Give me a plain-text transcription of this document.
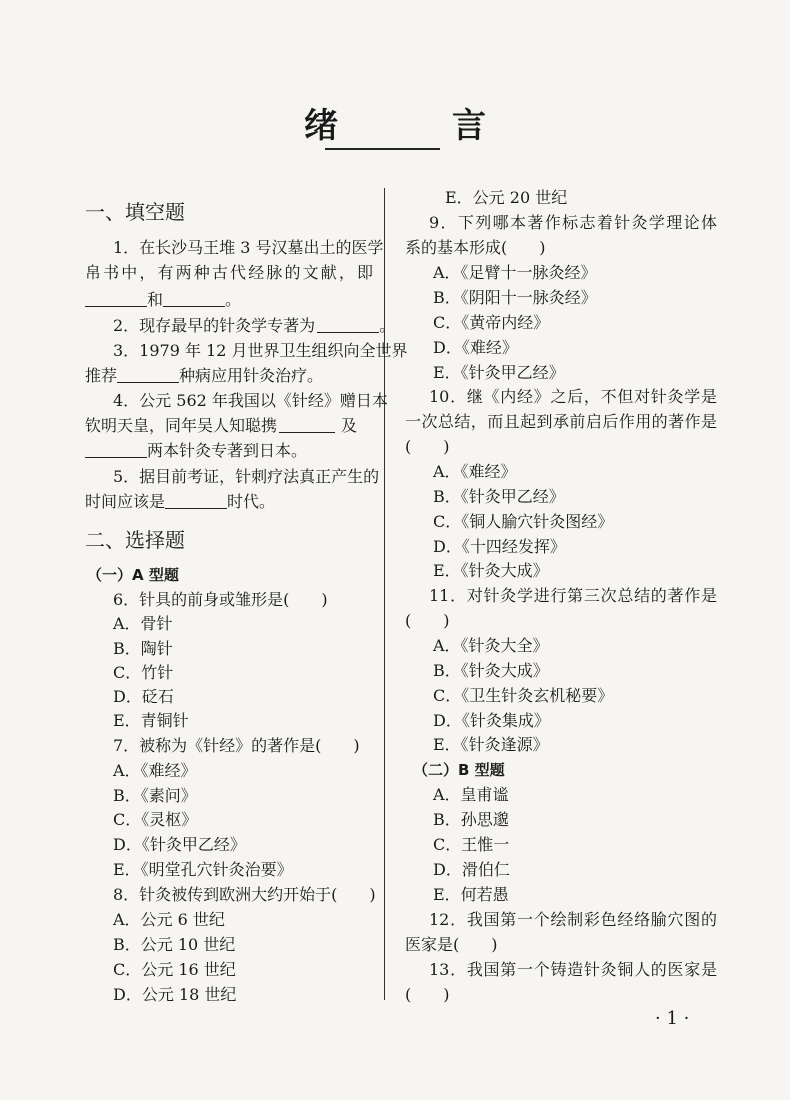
绪　言
一、填空题
1．在长沙马王堆 3 号汉墓出土的医学
帛书中，有两种古代经脉的文献，即
和	。
2．现存最早的针灸学专著为	。
3．1979 年 12 月世界卫生组织向全世界
推荐	种病应用针灸治疗。
4．公元 562 年我国以《针经》赠日本
钦明天皇，同年吴人知聪携	及
两本针灸专著到日本。
5．据目前考证，针刺疗法真正产生的
时间应该是	时代。
二、选择题
（一）A 型题
6．针具的前身或雏形是(　　)
A．骨针
B．陶针
C．竹针
D．砭石
E．青铜针
7．被称为《针经》的著作是(　　)
A．《难经》
B．《素问》
C．《灵枢》
D．《针灸甲乙经》
E．《明堂孔穴针灸治要》
8．针灸被传到欧洲大约开始于(　　)
A．公元 6 世纪
B．公元 10 世纪
C．公元 16 世纪
D．公元 18 世纪
E．公元 20 世纪
9．下列哪本著作标志着针灸学理论体
系的基本形成(　　)
A．《足臂十一脉灸经》
B．《阴阳十一脉灸经》
C．《黄帝内经》
D．《难经》
E．《针灸甲乙经》
10．继《内经》之后，不但对针灸学是
一次总结，而且起到承前启后作用的著作是
(　　)
A．《难经》
B．《针灸甲乙经》
C．《铜人腧穴针灸图经》
D．《十四经发挥》
E．《针灸大成》
11．对针灸学进行第三次总结的著作是
(　　)
A．《针灸大全》
B．《针灸大成》
C．《卫生针灸玄机秘要》
D．《针灸集成》
E．《针灸逢源》
（二）B 型题
A．皇甫谧
B．孙思邈
C．王惟一
D．滑伯仁
E．何若愚
12．我国第一个绘制彩色经络腧穴图的
医家是(　　)
13．我国第一个铸造针灸铜人的医家是
(　　)
· 1 ·
